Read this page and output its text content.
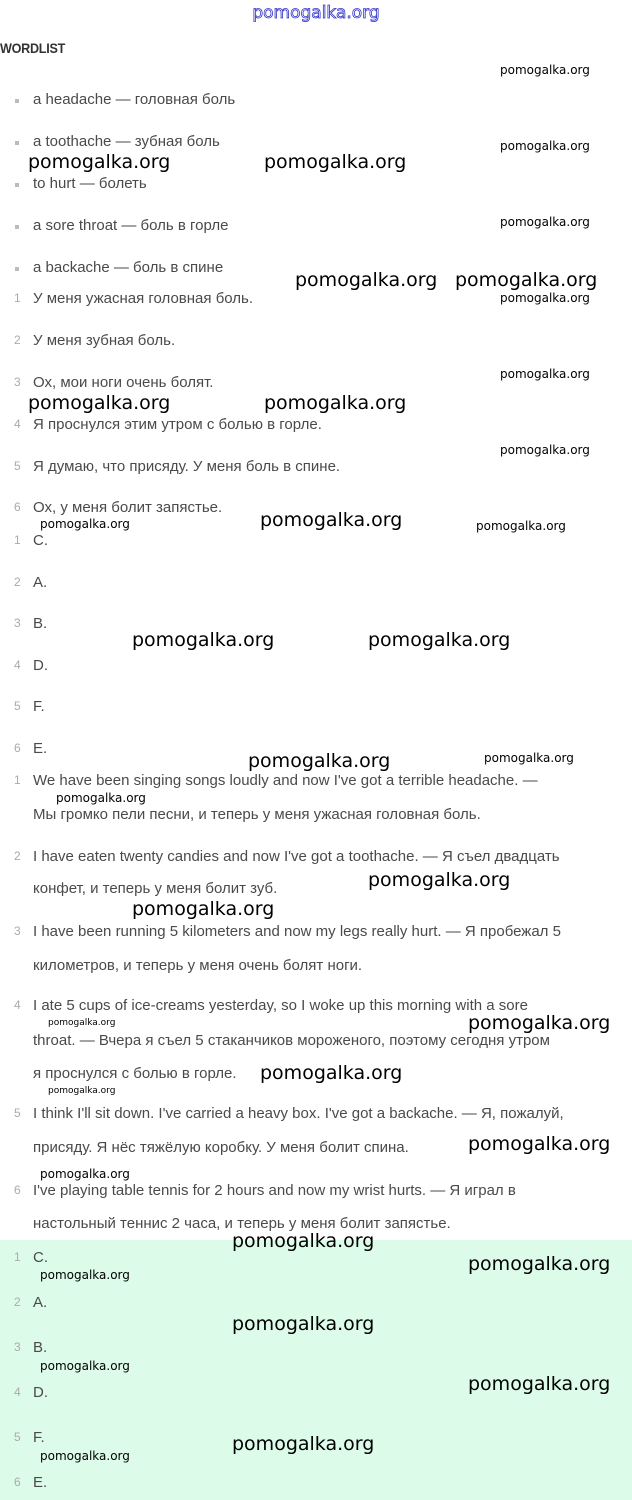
pomogalka.org
WORDLIST
a headache — головная боль
a toothache — зубная боль
to hurt — болеть
a sore throat — боль в горле
a backache — боль в спине
1 У меня ужасная головная боль.
2 У меня зубная боль.
3 Ох, мои ноги очень болят.
4 Я проснулся этим утром с болью в горле.
5 Я думаю, что присяду. У меня боль в спине.
6 Ох, у меня болит запястье.
1 C.
2 A.
3 B.
4 D.
5 F.
6 E.
1 We have been singing songs loudly and now I've got a terrible headache. —
Мы громко пели песни, и теперь у меня ужасная головная боль.
2 I have eaten twenty candies and now I've got a toothache. — Я съел двадцать
конфет, и теперь у меня болит зуб.
3 I have been running 5 kilometers and now my legs really hurt. — Я пробежал 5
километров, и теперь у меня очень болят ноги.
4 I ate 5 cups of ice-creams yesterday, so I woke up this morning with a sore
throat. — Вчера я съел 5 стаканчиков мороженого, поэтому сегодня утром
я проснулся с болью в горле.
5 I think I'll sit down. I've carried a heavy box. I've got a backache. — Я, пожалуй,
присяду. Я нёс тяжёлую коробку. У меня болит спина.
6 I've playing table tennis for 2 hours and now my wrist hurts. — Я играл в
настольный теннис 2 часа, и теперь у меня болит запястье.
1 C.
2 A.
3 B.
4 D.
5 F.
6 E.
pomogalka.org	pomogalka.org
pomogalka.org pomogalka.org
pomogalka.org	pomogalka.org
pomogalka.org
pomogalka.org	pomogalka.org
pomogalka.org
pomogalka.org
pomogalka.org
pomogalka.org
pomogalka.org
pomogalka.org
pomogalka.org
pomogalka.org
pomogalka.org
pomogalka.org
pomogalka.org
pomogalka.org
pomogalka.org
pomogalka.org
pomogalka.org
pomogalka.org
pomogalka.org
pomogalka.org	pomogalka.org
pomogalka.org
pomogalka.org
pomogalka.org
pomogalka.org
pomogalka.org
pomogalka.org
pomogalka.org
pomogalka.org
